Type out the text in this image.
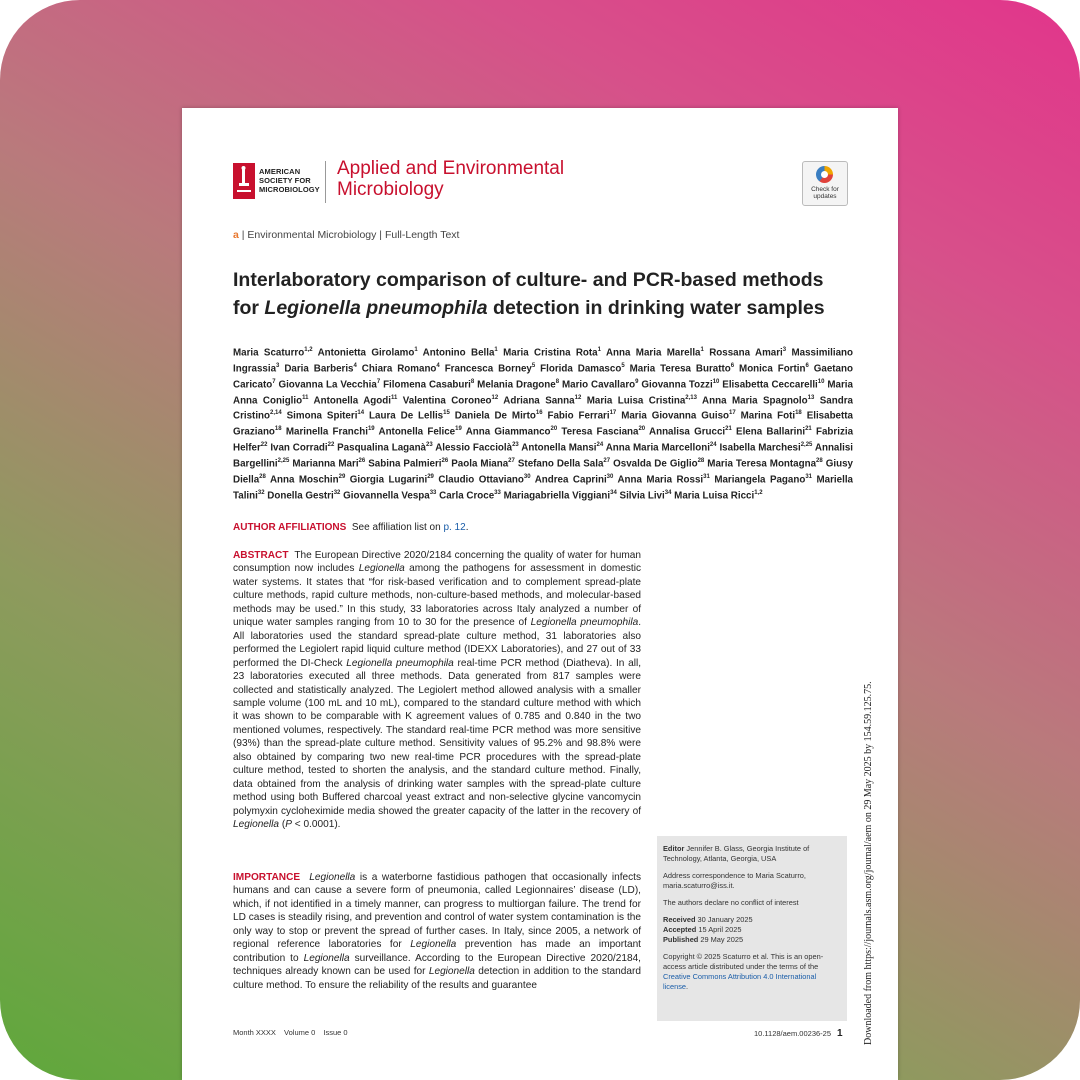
AMERICAN
SOCIETY FOR
MICROBIOLOGY
Applied and Environmental
Microbiology	Check for
updates
a | Environmental Microbiology | Full-Length Text
Interlaboratory comparison of culture- and PCR-based methods
for Legionella pneumophila detection in drinking water samples
Maria Scaturro$^{1,2}$ Antonietta Girolamo$^1$ Antonino Bella$^1$ Maria Cristina Rota$^1$ Anna Maria Marella$^1$ Rossana Amari$^3$ Massimiliano Ingrassia$^3$ Daria Barberis$^4$ Chiara Romano$^4$ Francesca Borney$^5$ Florida Damasco$^5$ Maria Teresa Buratto$^6$ Monica Fortin$^6$ Gaetano Caricato$^7$ Giovanna La Vecchia$^7$ Filomena Casaburi$^8$ Melania Dragone$^8$ Mario Cavallaro$^9$ Giovanna Tozzi$^{10}$ Elisabetta Ceccarelli$^{10}$ Maria Anna Coniglio$^{11}$ Antonella Agodi$^{11}$ Valentina Coroneo$^{12}$ Adriana Sanna$^{12}$ Maria Luisa Cristina$^{2,13}$ Anna Maria Spagnolo$^{13}$ Sandra Cristino$^{2,14}$ Simona Spiteri$^{14}$ Laura De Lellis$^{15}$ Daniela De Mirto$^{16}$ Fabio Ferrari$^{17}$ Maria Giovanna Guiso$^{17}$ Marina Foti$^{18}$ Elisabetta Graziano$^{18}$ Marinella Franchi$^{19}$ Antonella Felice$^{19}$ Anna Giammanco$^{20}$ Teresa Fasciana$^{20}$ Annalisa Grucci$^{21}$ Elena Ballarini$^{21}$ Fabrizia Helfer$^{22}$ Ivan Corradi$^{22}$ Pasqualina Laganà$^{23}$ Alessio Facciolà$^{23}$ Antonella Mansi$^{24}$ Anna Maria Marcelloni$^{24}$ Isabella Marchesi$^{2,25}$ Annalisi Bargellini$^{2,25}$ Marianna Mari$^{26}$ Sabina Palmieri$^{26}$ Paola Miana$^{27}$ Stefano Della Sala$^{27}$ Osvalda De Giglio$^{28}$ Maria Teresa Montagna$^{28}$ Giusy Diella$^{28}$ Anna Moschin$^{29}$ Giorgia Lugarini$^{29}$ Claudio Ottaviano$^{30}$ Andrea Caprini$^{30}$ Anna Maria Rossi$^{31}$ Mariangela Pagano$^{31}$ Mariella Talini$^{32}$ Donella Gestri$^{32}$ Giovannella Vespa$^{33}$ Carla Croce$^{33}$ Mariagabriella Viggiani$^{34}$ Silvia Livi$^{34}$ Maria Luisa Ricci$^{1,2}$
AUTHOR AFFILIATIONS See affiliation list on p. 12.
ABSTRACT The European Directive 2020/2184 concerning the quality of water for human consumption now includes Legionella among the pathogens for assessment in domestic water systems. It states that “for risk-based verification and to complement spread-plate culture methods, rapid culture methods, non-culture-based methods, and molecular-based methods may be used.” In this study, 33 laboratories across Italy analyzed a number of unique water samples ranging from 10 to 30 for the presence of Legionella pneumophila. All laboratories used the standard spread-plate culture method, 31 laboratories also performed the Legiolert rapid liquid culture method (IDEXX Laboratories), and 27 out of 33 performed the DI-Check Legionella pneumophila real-time PCR method (Diatheva). In all, 23 laboratories executed all three methods. Data generated from 817 samples were collected and statistically analyzed. The Legiolert method allowed analysis with a smaller sample volume (100 mL and 10 mL), compared to the standard culture method with which it was shown to be comparable with K agreement values of 0.785 and 0.840 in the two mentioned volumes, respectively. The standard real-time PCR method was more sensitive (93%) than the spread-plate culture method. Sensitivity values of 95.2% and 98.8% were also obtained by comparing two new real-time PCR procedures with the spread-plate culture method, tested to shorten the analysis, and the standard culture method. Finally, data obtained from the analysis of drinking water samples with the spread-plate culture method using both Buffered charcoal yeast extract and non-selective glycine vancomycin polymyxin cycloheximide media showed the greater capacity of the latter in the recovery of Legionella (P < 0.0001).
IMPORTANCE Legionella is a waterborne fastidious pathogen that occasionally infects humans and can cause a severe form of pneumonia, called Legionnaires’ disease (LD), which, if not identified in a timely manner, can progress to multiorgan failure. The trend for LD cases is steadily rising, and prevention and control of water system contamination is the only way to stop or prevent the spread of further cases. In Italy, since 2005, a network of regional reference laboratories for Legionella prevention has made an important contribution to Legionella surveillance. According to the European Directive 2020/2184, techniques already known can be used for Legionella detection in addition to the standard culture method. To ensure the reliability of the results and guarantee

Editor Jennifer B. Glass, Georgia Institute of Technology, Atlanta, Georgia, USA

Address correspondence to Maria Scaturro, maria.scaturro@iss.it.

The authors declare no conflict of interest

Received 30 January 2025
Accepted 15 April 2025
Published 29 May 2025

Copyright © 2025 Scaturro et al. This is an open-access article distributed under the terms of the Creative Commons Attribution 4.0 International license.

Month XXXX Volume 0 Issue 0	10.1128/aem.00236-25 1 Downloaded from https://journals.asm.org/journal/aem on 29 May 2025 by 154.59.125.75.
